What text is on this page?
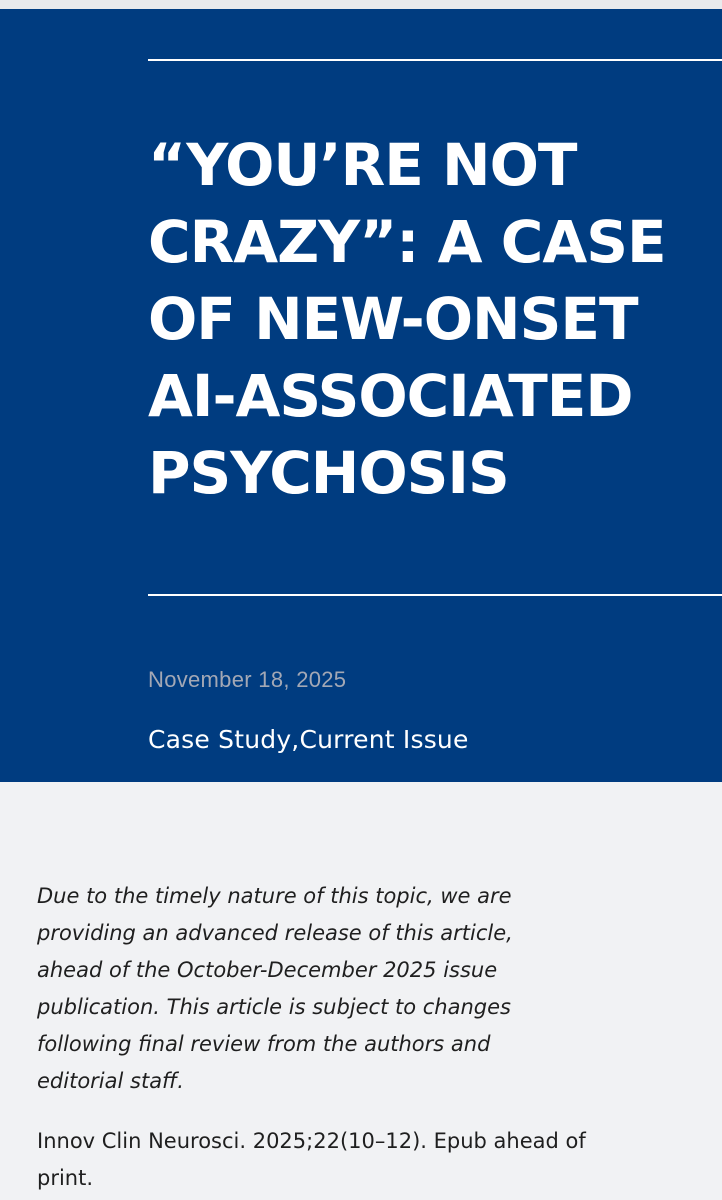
“YOU’RE NOT
CRAZY”: A CASE
OF NEW-ONSET
AI-ASSOCIATED
PSYCHOSIS
November 18, 2025
Case Study,Current Issue

Due to the timely nature of this topic, we are
providing an advanced release of this article,
ahead of the October-December 2025 issue
publication. This article is subject to changes
following final review from the authors and
editorial staff.

Innov Clin Neurosci. 2025;22(10–12). Epub ahead of
print.
